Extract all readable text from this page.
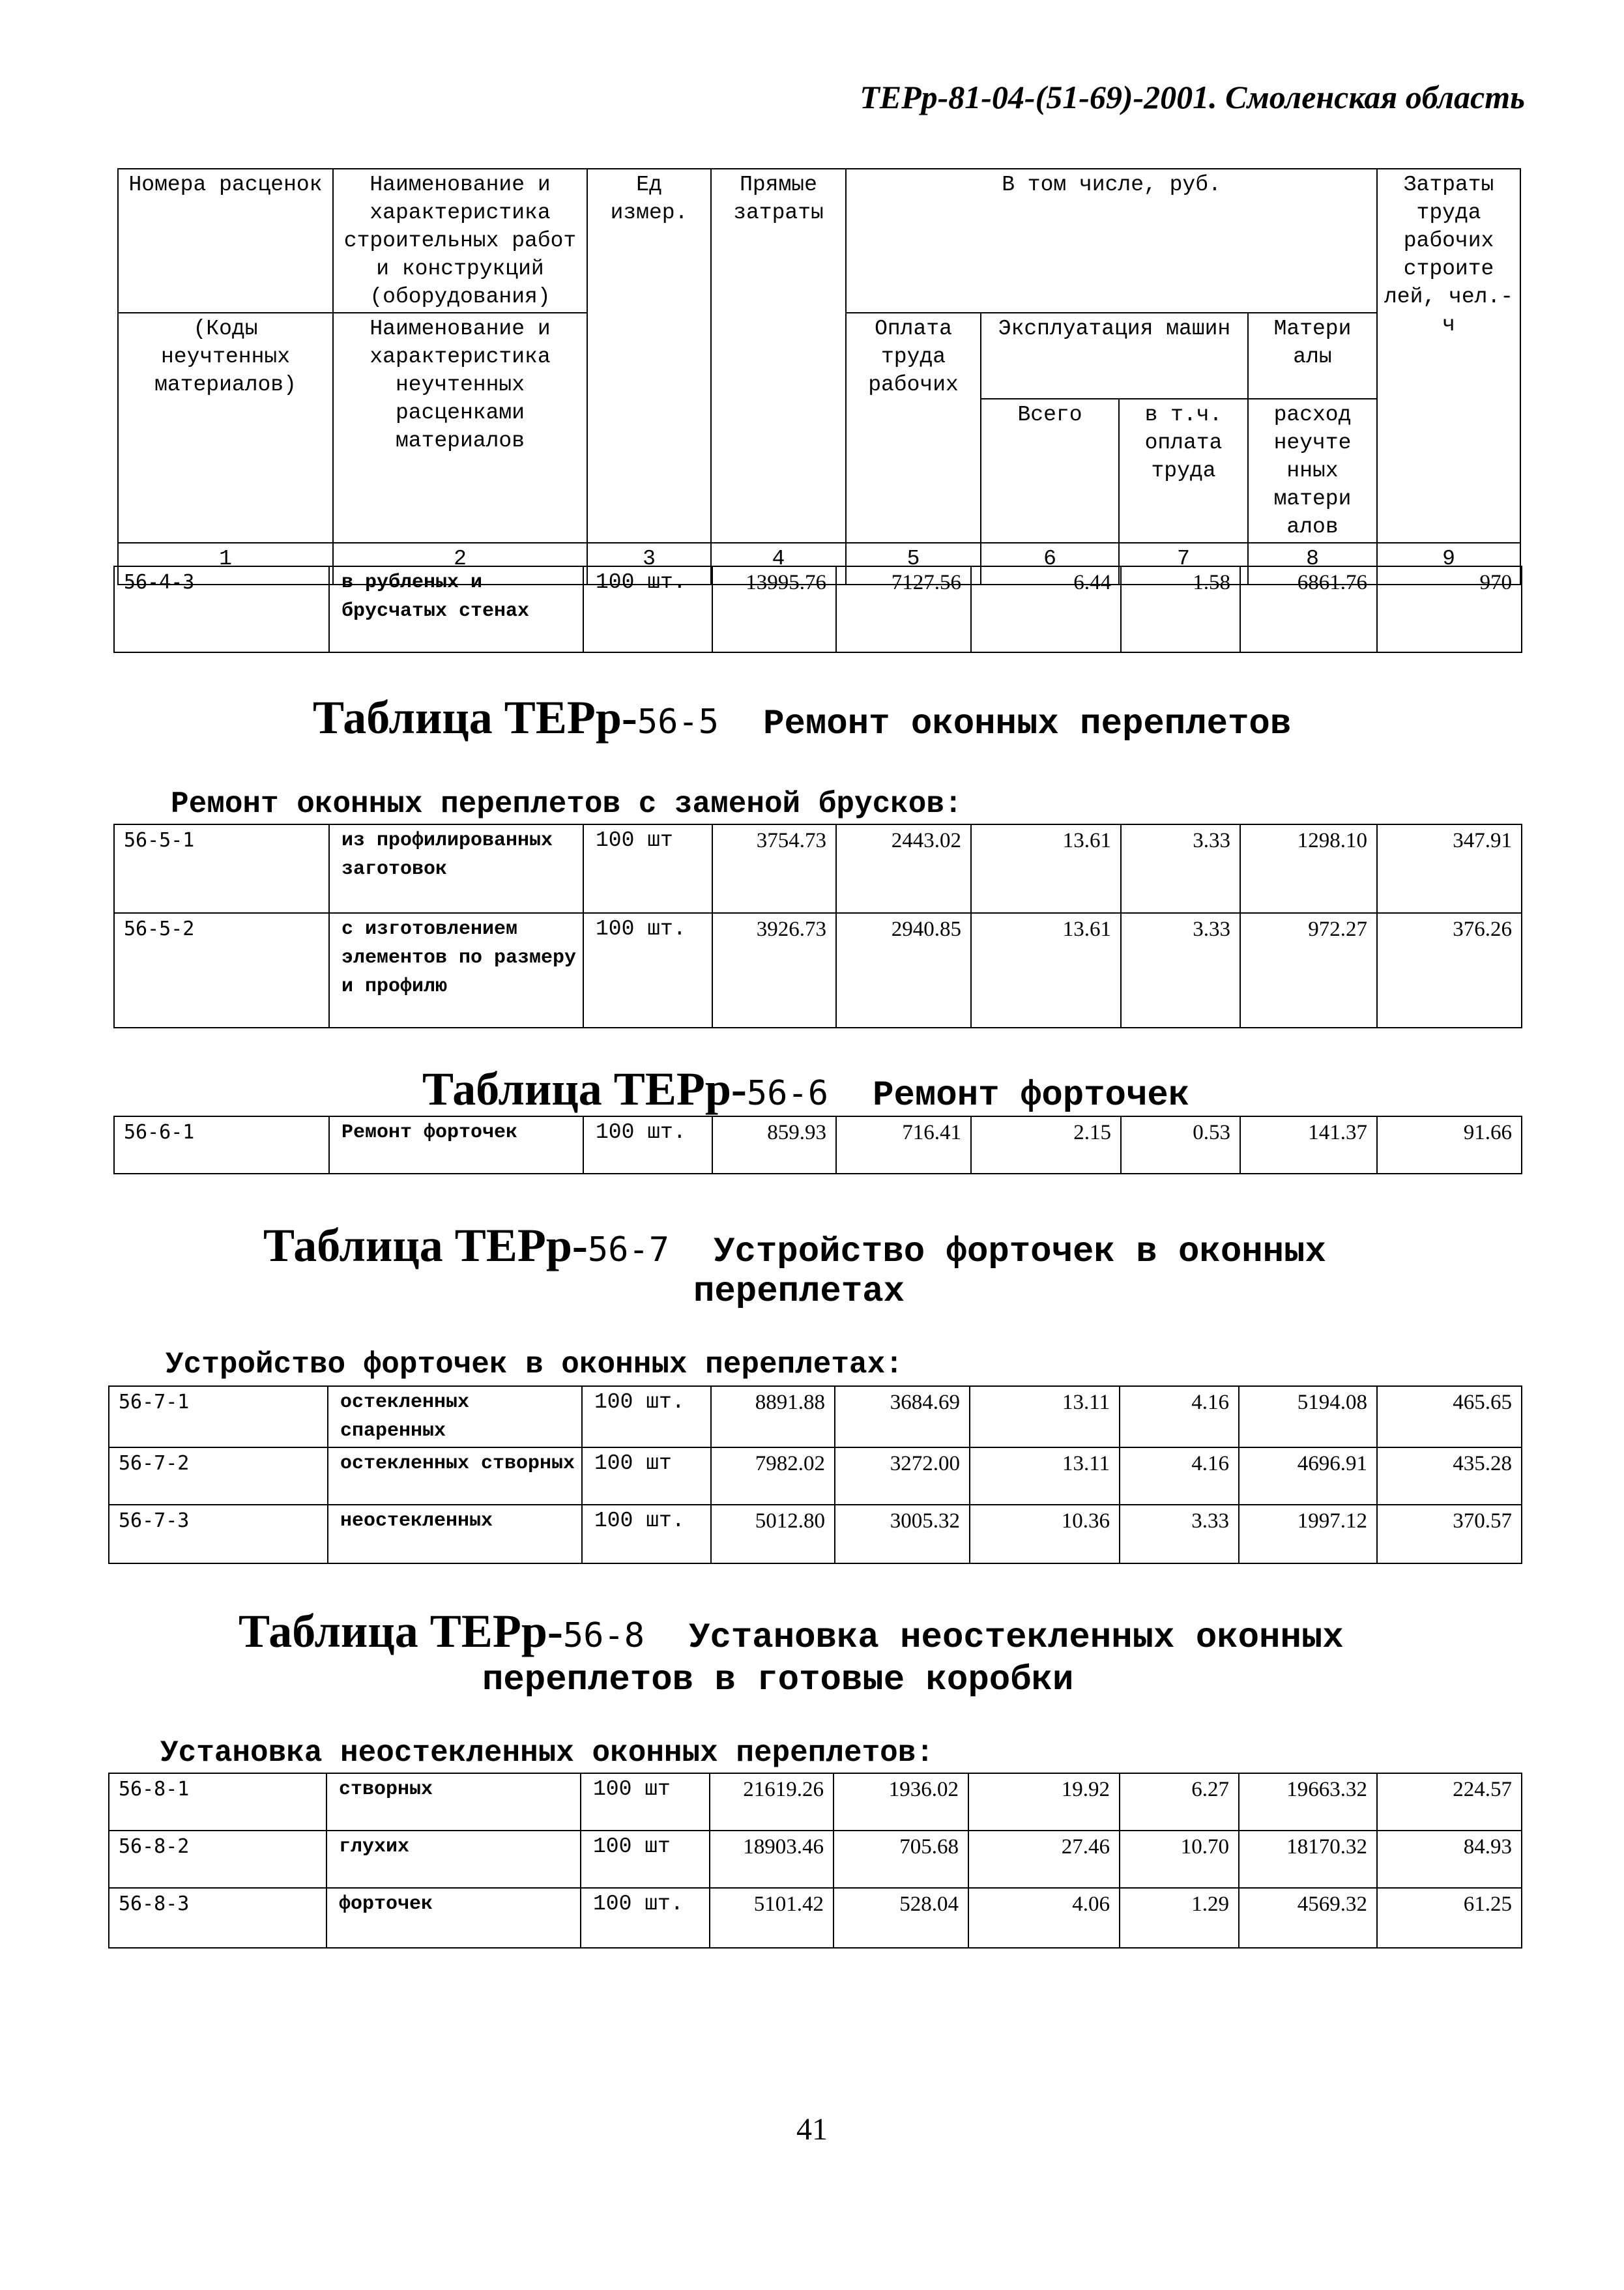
ТЕРр-81-04-(51-69)-2001. Смоленская область
Номера расценок	Наименование и характеристика строительных работ и конструкций (оборудования)	Ед измер.	Прямые затраты	В том числе, руб.				Затраты труда рабочих строите лей, чел.-ч

(Коды неучтенных материалов)	Наименование и характеристика неучтенных расценками материалов			Оплата труда рабочих	Эксплуатация машин		Матери алы	
					Всего	в т.ч. оплата труда	расход неучте нных матери алов	
1	2	3	4	5	6	7	8	9
56-4-3	в рубленых и брусчатых стенах	100 шт.	13995.76	7127.56	6.44	1.58	6861.76	970
Таблица ТЕРр-56-5 Ремонт оконных переплетов
Ремонт оконных переплетов с заменой брусков:
56-5-1	из профилированных заготовок	100 шт	3754.73	2443.02	13.61	3.33	1298.10	347.91
56-5-2	с изготовлением элементов по размеру и профилю	100 шт.	3926.73	2940.85	13.61	3.33	972.27	376.26
Таблица ТЕРр-56-6 Ремонт форточек
56-6-1	Ремонт форточек	100 шт.	859.93	716.41	2.15	0.53	141.37	91.66
Таблица ТЕРр-56-7 Устройство форточек в оконных
переплетах
Устройство форточек в оконных переплетах:
56-7-1	остекленных спаренных	100 шт.	8891.88	3684.69	13.11	4.16	5194.08	465.65
56-7-2	остекленных створных	100 шт	7982.02	3272.00	13.11	4.16	4696.91	435.28
56-7-3	неостекленных	100 шт.	5012.80	3005.32	10.36	3.33	1997.12	370.57
Таблица ТЕРр-56-8 Установка неостекленных оконных
переплетов в готовые коробки
Установка неостекленных оконных переплетов:
56-8-1	створных	100 шт	21619.26	1936.02	19.92	6.27	19663.32	224.57
56-8-2	глухих	100 шт	18903.46	705.68	27.46	10.70	18170.32	84.93
56-8-3	форточек	100 шт.	5101.42	528.04	4.06	1.29	4569.32	61.25
41
